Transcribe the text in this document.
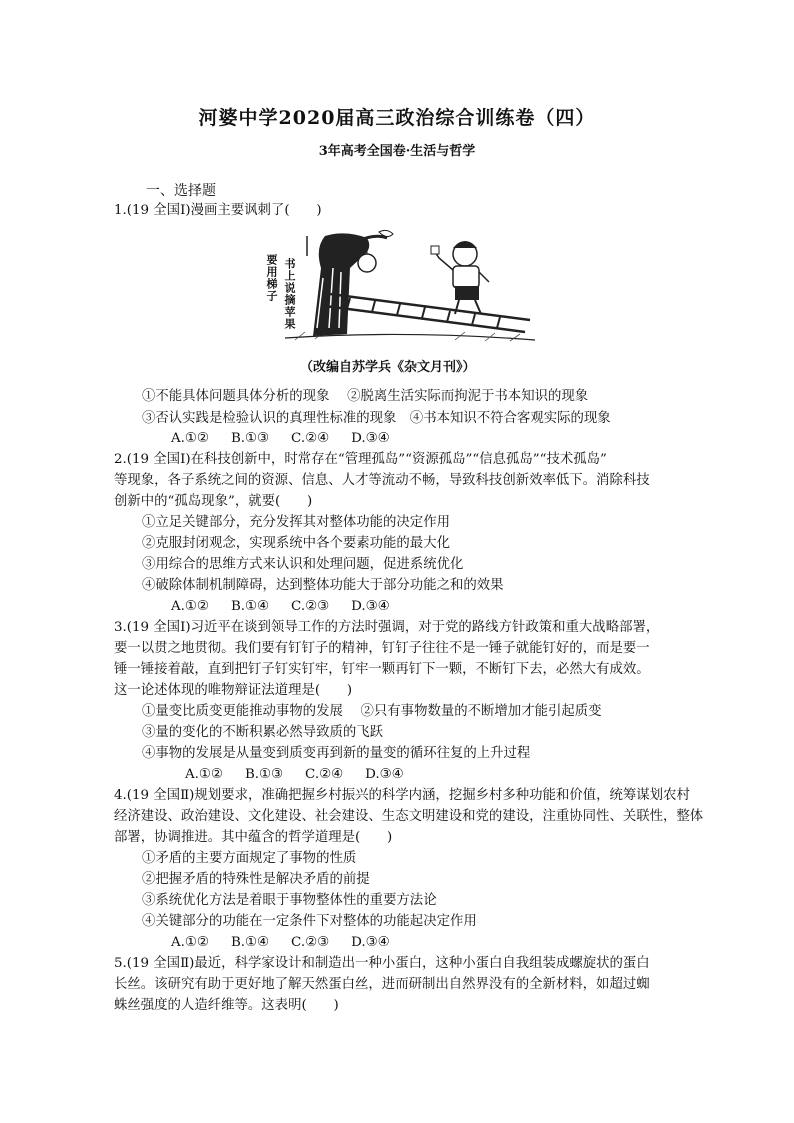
河婆中学2020届高三政治综合训练卷（四）
3年高考全国卷·生活与哲学
一、选择题
1.(19 全国Ⅰ)漫画主要讽刺了(　　)
要用梯子 书上说摘苹果
（改编自苏学兵《杂文月刊》）
①不能具体问题具体分析的现象　 ②脱离生活实际而拘泥于书本知识的现象
③否认实践是检验认识的真理性标准的现象　④书本知识不符合客观实际的现象
A.①② B.①③ C.②④ D.③④
2.(19 全国Ⅰ)在科技创新中，时常存在“管理孤岛”“资源孤岛”“信息孤岛”“技术孤岛”
等现象，各子系统之间的资源、信息、人才等流动不畅，导致科技创新效率低下。消除科技
创新中的“孤岛现象”，就要(　　)
①立足关键部分，充分发挥其对整体功能的决定作用
②克服封闭观念，实现系统中各个要素功能的最大化
③用综合的思维方式来认识和处理问题，促进系统优化
④破除体制机制障碍，达到整体功能大于部分功能之和的效果
A.①② B.①④ C.②③ D.③④
3.(19 全国Ⅰ)习近平在谈到领导工作的方法时强调，对于党的路线方针政策和重大战略部署，
要一以贯之地贯彻。我们要有钉钉子的精神，钉钉子往往不是一锤子就能钉好的，而是要一
锤一锤接着敲，直到把钉子钉实钉牢，钉牢一颗再钉下一颗，不断钉下去，必然大有成效。
这一论述体现的唯物辩证法道理是(　　)
①量变比质变更能推动事物的发展　 ②只有事物数量的不断增加才能引起质变
③量的变化的不断积累必然导致质的飞跃
④事物的发展是从量变到质变再到新的量变的循环往复的上升过程
A.①② B.①③ C.②④ D.③④
4.(19 全国Ⅱ)规划要求，准确把握乡村振兴的科学内涵，挖掘乡村多种功能和价值，统筹谋划农村
经济建设、政治建设、文化建设、社会建设、生态文明建设和党的建设，注重协同性、关联性，整体
部署，协调推进。其中蕴含的哲学道理是(　　)
①矛盾的主要方面规定了事物的性质
②把握矛盾的特殊性是解决矛盾的前提
③系统优化方法是着眼于事物整体性的重要方法论
④关键部分的功能在一定条件下对整体的功能起决定作用
A.①② B.①④ C.②③ D.③④
5.(19 全国Ⅱ)最近，科学家设计和制造出一种小蛋白，这种小蛋白自我组装成螺旋状的蛋白
长丝。该研究有助于更好地了解天然蛋白丝，进而研制出自然界没有的全新材料，如超过蜘
蛛丝强度的人造纤维等。这表明(　　)
